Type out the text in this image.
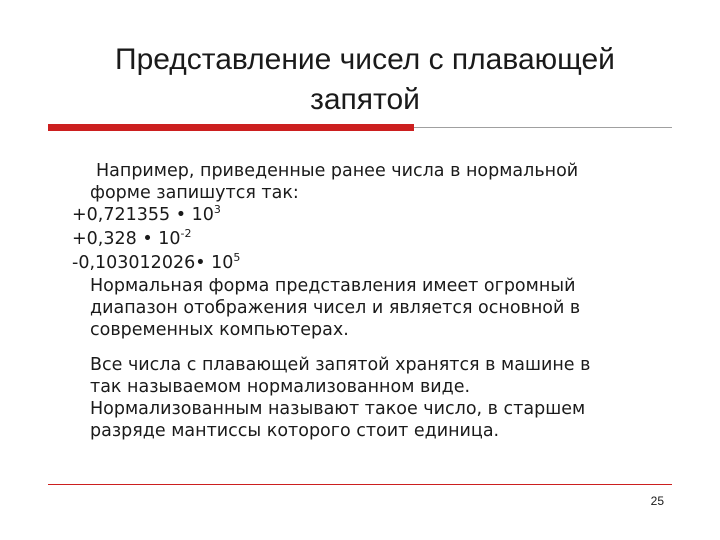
Представление чисел с плавающей
запятой
Например, приведенные ранее числа в нормальной
форме запишутся так:
+0,721355 • $10^3$
+0,328 • $10^{-2}$
-0,103012026• $10^5$
Нормальная форма представления имеет огромный
диапазон отображения чисел и является основной в
современных компьютерах.
Все числа с плавающей запятой хранятся в машине в
так называемом нормализованном виде.
Нормализованным называют такое число, в старшем
разряде мантиссы которого стоит единица.
25
